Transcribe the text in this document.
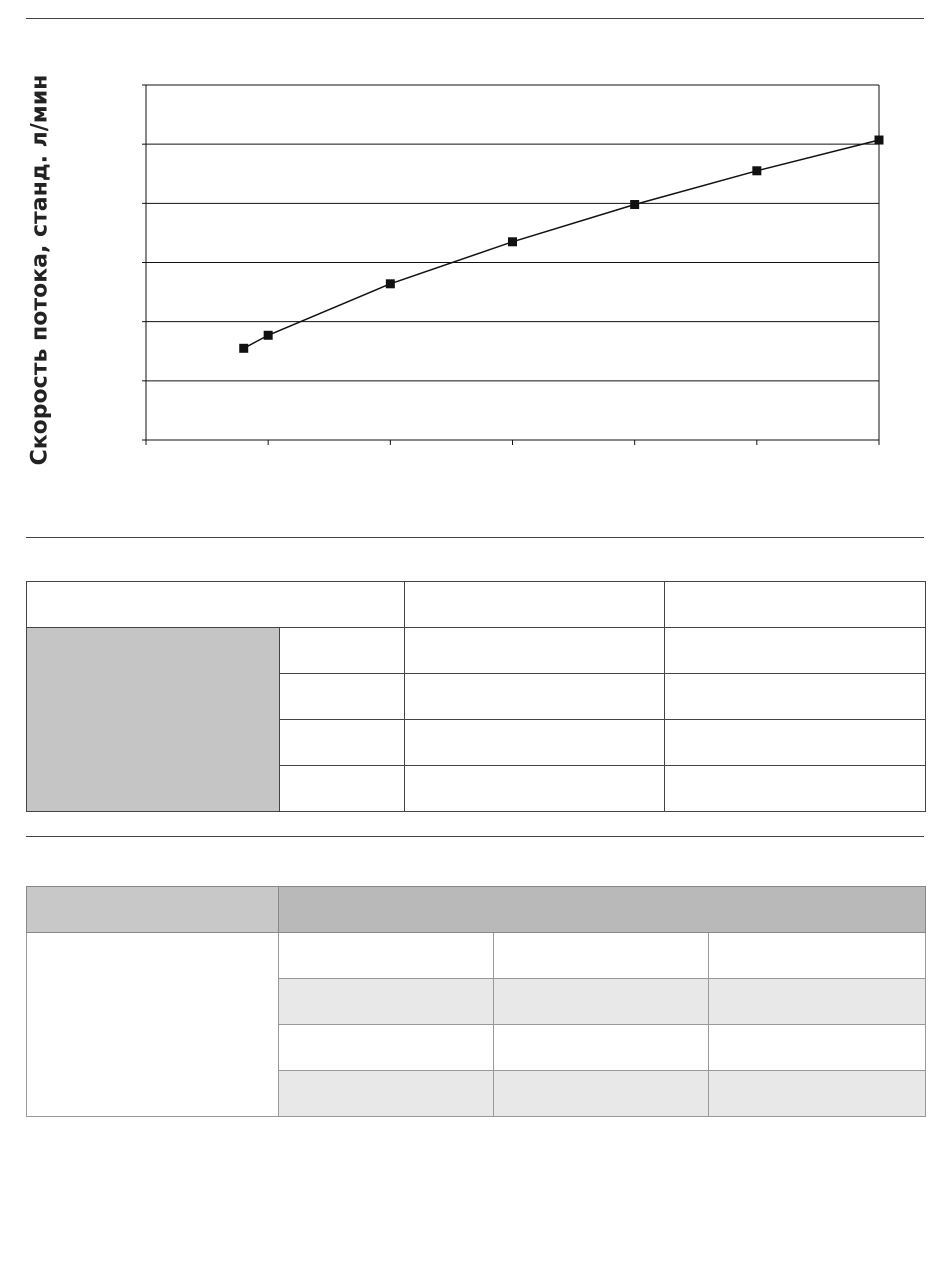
Скорость потока, станд. л/мин
